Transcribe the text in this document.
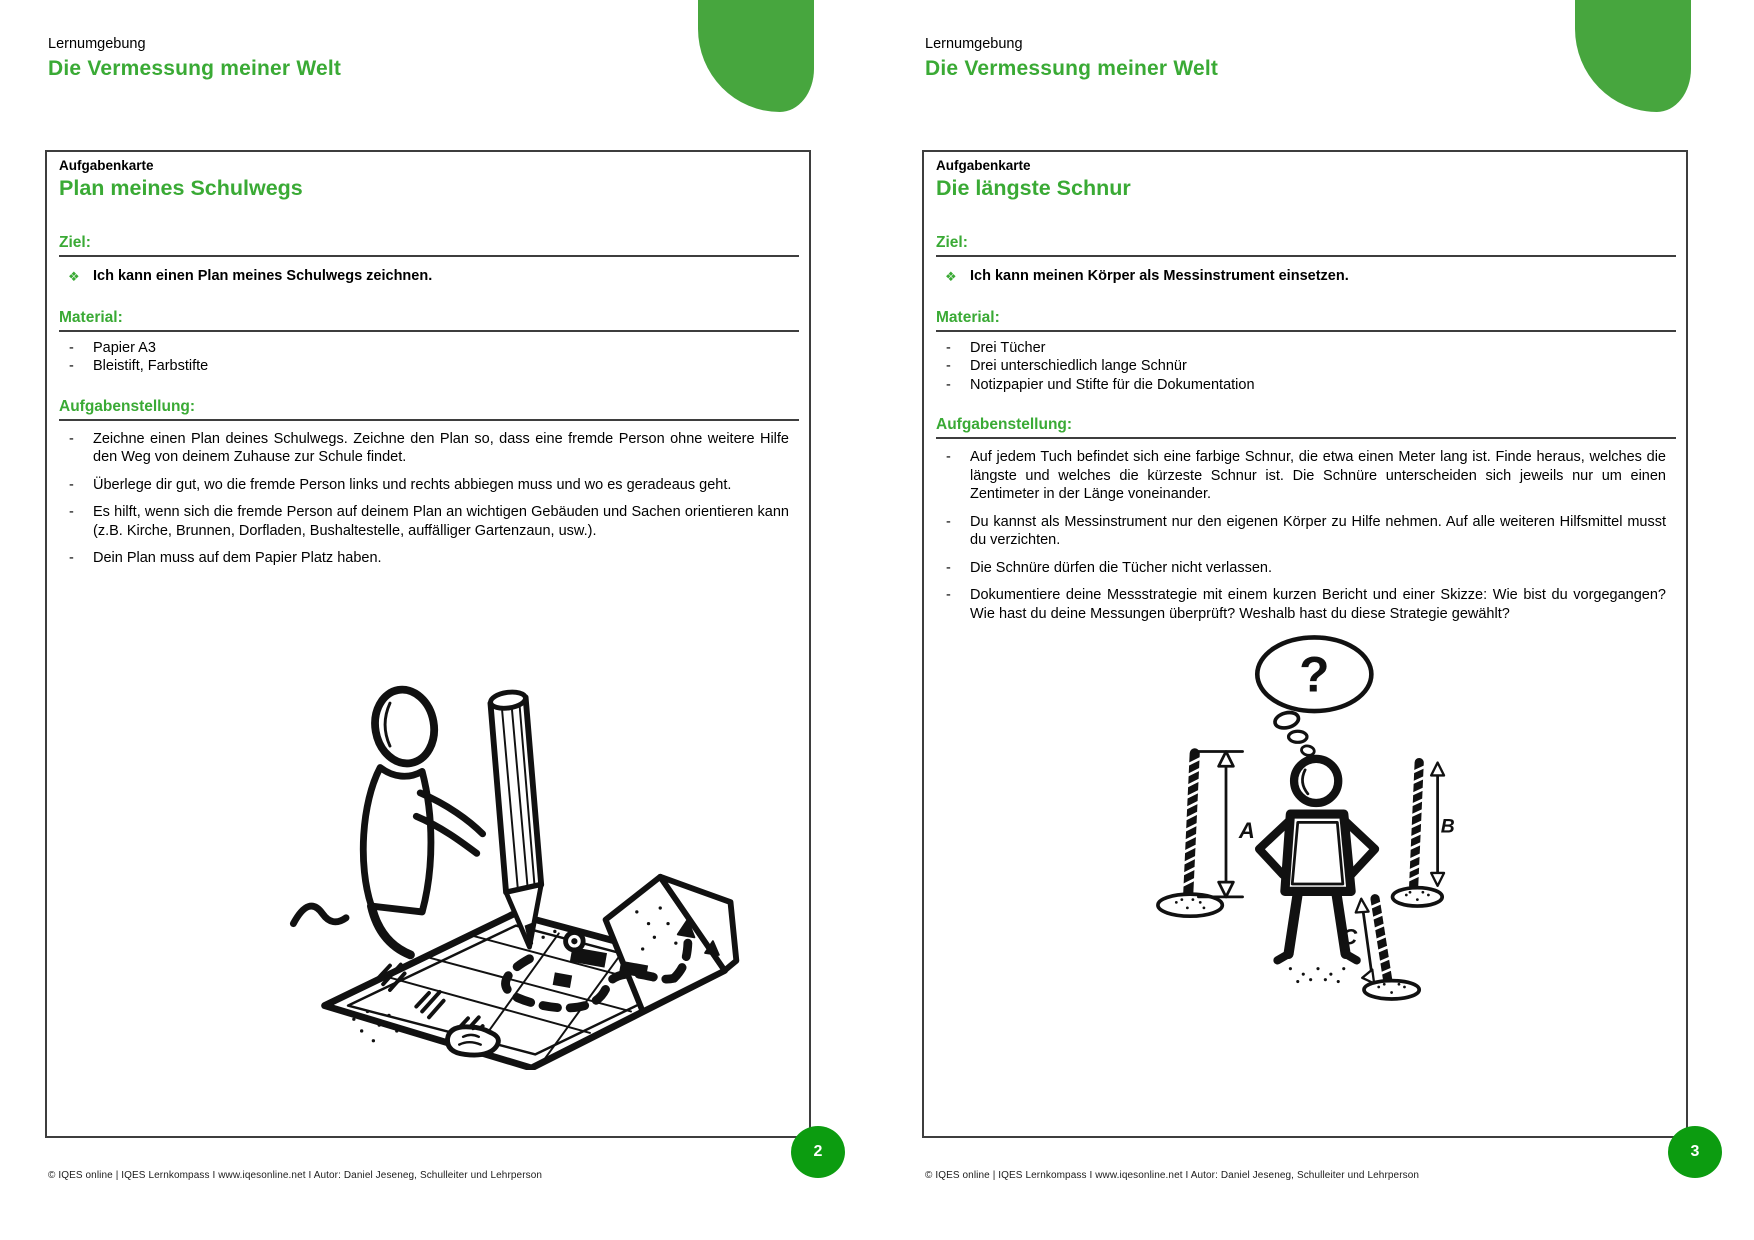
Lernumgebung
Die Vermessung meiner Welt
Aufgabenkarte
Plan meines Schulwegs
Ziel:
❖ Ich kann einen Plan meines Schulwegs zeichnen.
Material:
- Papier A3
- Bleistift, Farbstifte
Aufgabenstellung:
- Zeichne einen Plan deines Schulwegs. Zeichne den Plan so, dass eine fremde Person ohne weitere Hilfe den Weg von deinem Zuhause zur Schule findet.
- Überlege dir gut, wo die fremde Person links und rechts abbiegen muss und wo es geradeaus geht.
- Es hilft, wenn sich die fremde Person auf deinem Plan an wichtigen Gebäuden und Sachen orientieren kann (z.B. Kirche, Brunnen, Dorfladen, Bushaltestelle, auffälliger Gartenzaun, usw.).
- Dein Plan muss auf dem Papier Platz haben.
2
© IQES online | IQES Lernkompass I www.iqesonline.net I Autor: Daniel Jeseneg, Schulleiter und Lehrperson
Lernumgebung
Die Vermessung meiner Welt
Aufgabenkarte
Die längste Schnur
Ziel:
❖ Ich kann meinen Körper als Messinstrument einsetzen.
Material:
- Drei Tücher
- Drei unterschiedlich lange Schnür
- Notizpapier und Stifte für die Dokumentation
Aufgabenstellung:
- Auf jedem Tuch befindet sich eine farbige Schnur, die etwa einen Meter lang ist. Finde heraus, welches die längste und welches die kürzeste Schnur ist. Die Schnüre unterscheiden sich jeweils nur um einen Zentimeter in der Länge voneinander.
- Du kannst als Messinstrument nur den eigenen Körper zu Hilfe nehmen. Auf alle weiteren Hilfsmittel musst du verzichten.
- Die Schnüre dürfen die Tücher nicht verlassen.
- Dokumentiere deine Messstrategie mit einem kurzen Bericht und einer Skizze: Wie bist du vorgegangen? Wie hast du deine Messungen überprüft? Weshalb hast du diese Strategie gewählt?
?
A	B
C
3
© IQES online | IQES Lernkompass I www.iqesonline.net I Autor: Daniel Jeseneg, Schulleiter und Lehrperson
